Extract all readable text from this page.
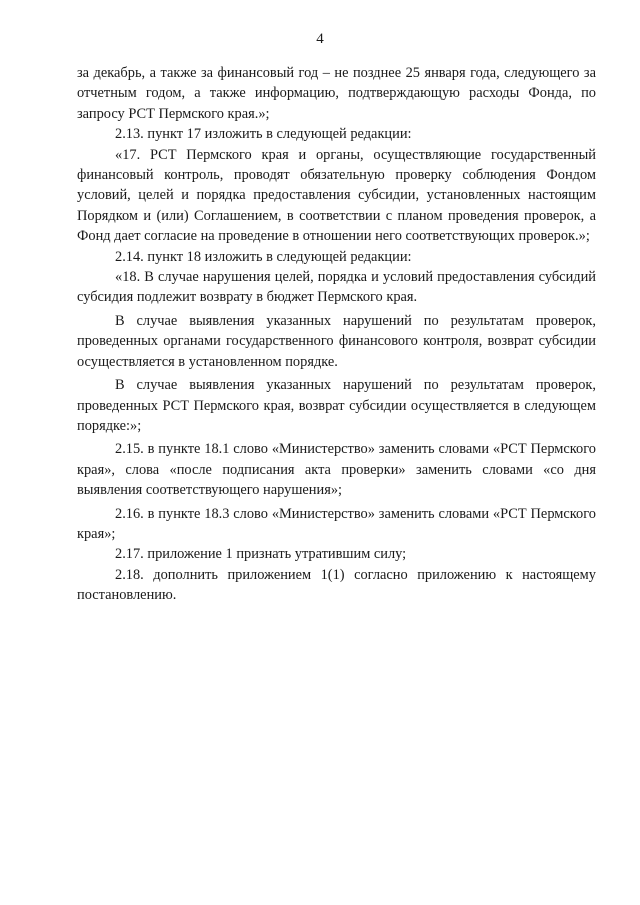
4

за декабрь, а также за финансовый год – не позднее 25 января года, следующего за отчетным годом, а также информацию, подтверждающую расходы Фонда, по запросу РСТ Пермского края.»;

2.13. пункт 17 изложить в следующей редакции:

«17. РСТ Пермского края и органы, осуществляющие государственный финансовый контроль, проводят обязательную проверку соблюдения Фондом условий, целей и порядка предоставления субсидии, установленных настоящим Порядком и (или) Соглашением, в соответствии с планом проведения проверок, а Фонд дает согласие на проведение в отношении него соответствующих проверок.»;

2.14. пункт 18 изложить в следующей редакции:

«18. В случае нарушения целей, порядка и условий предоставления субсидий субсидия подлежит возврату в бюджет Пермского края.

В случае выявления указанных нарушений по результатам проверок, проведенных органами государственного финансового контроля, возврат субсидии осуществляется в установленном порядке.

В случае выявления указанных нарушений по результатам проверок, проведенных РСТ Пермского края, возврат субсидии осуществляется в следующем порядке:»;

2.15. в пункте 18.1 слово «Министерство» заменить словами «РСТ Пермского края», слова «после подписания акта проверки» заменить словами «со дня выявления соответствующего нарушения»;

2.16. в пункте 18.3 слово «Министерство» заменить словами «РСТ Пермского края»;

2.17. приложение 1 признать утратившим силу;

2.18. дополнить приложением 1(1) согласно приложению к настоящему постановлению.
